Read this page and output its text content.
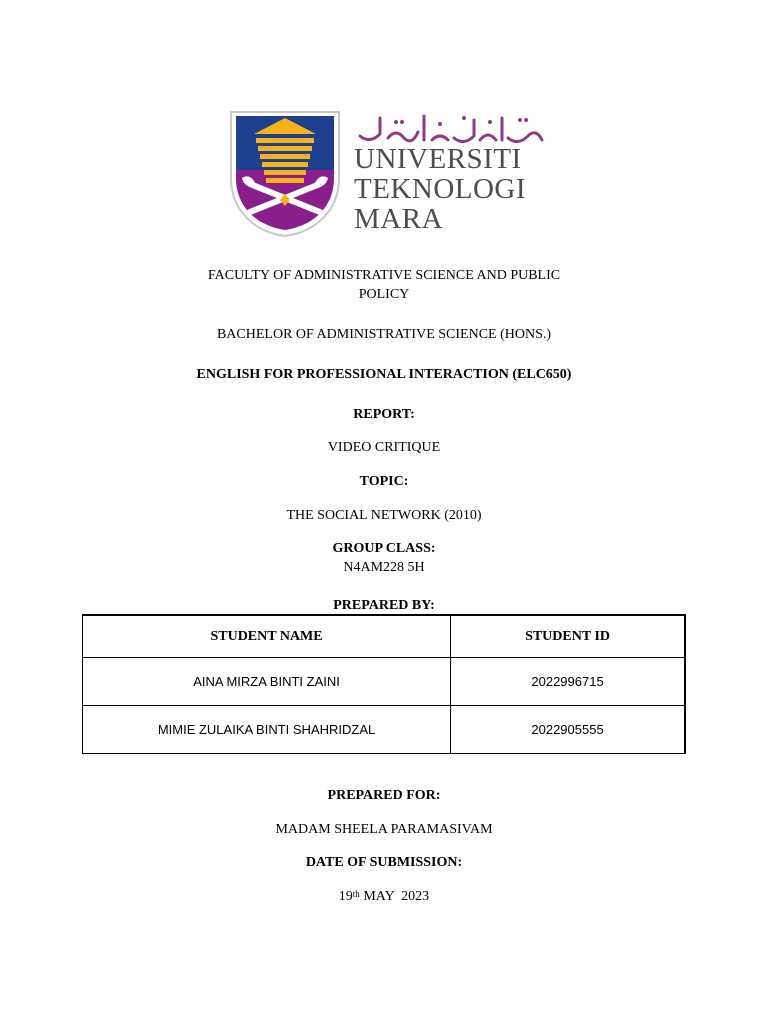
UNIVERSITI
TEKNOLOGI
MARA
FACULTY OF ADMINISTRATIVE SCIENCE AND PUBLIC
POLICY
BACHELOR OF ADMINISTRATIVE SCIENCE (HONS.)
ENGLISH FOR PROFESSIONAL INTERACTION (ELC650)
REPORT:
VIDEO CRITIQUE
TOPIC:
THE SOCIAL NETWORK (2010)
GROUP CLASS:
N4AM228 5H
PREPARED BY:
STUDENT NAME	STUDENT ID
AINA MIRZA BINTI ZAINI	2022996715
MIMIE ZULAIKA BINTI SHAHRIDZAL	2022905555
PREPARED FOR:
MADAM SHEELA PARAMASIVAM
DATE OF SUBMISSION:
19th MAY  2023
